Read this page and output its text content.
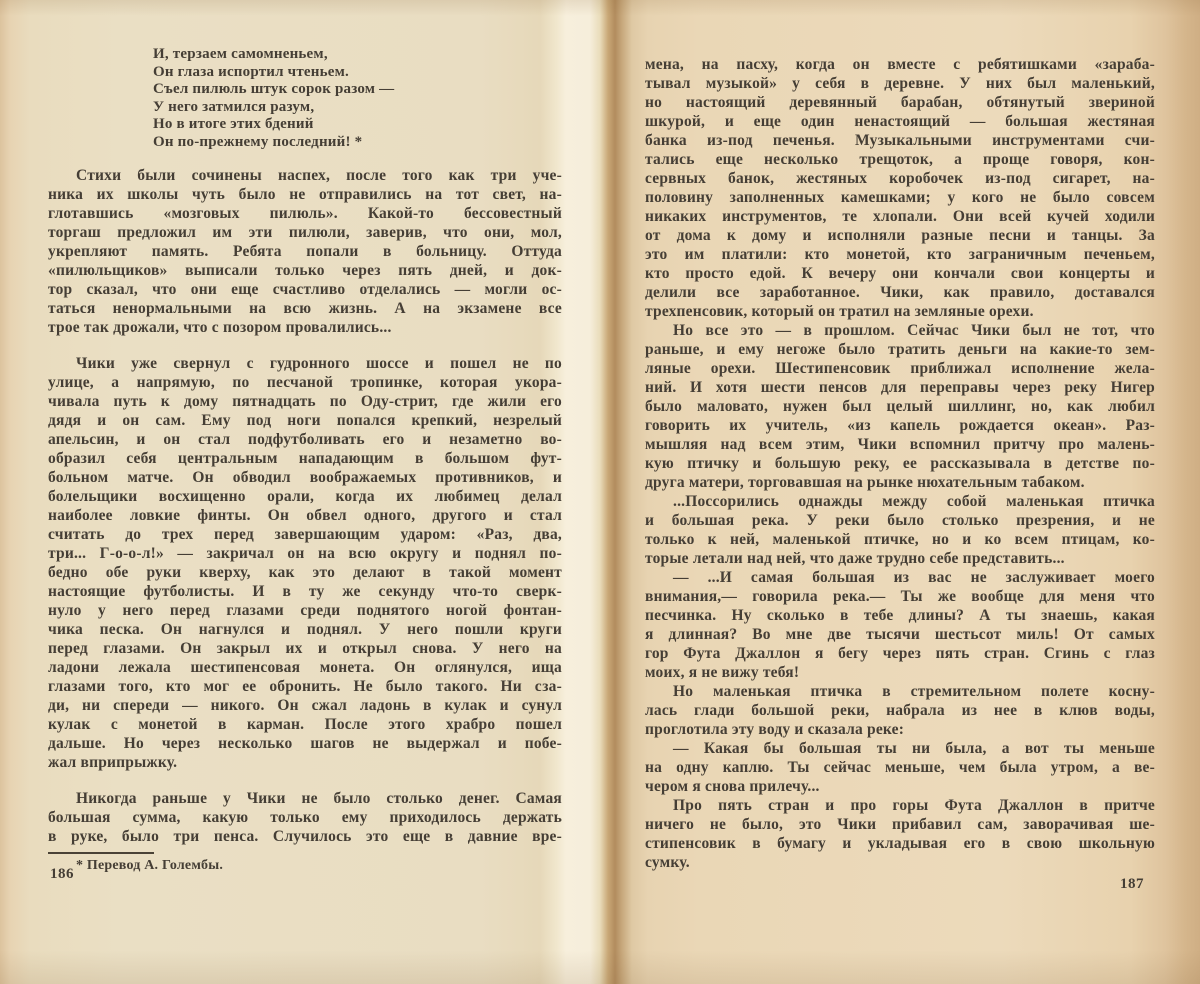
И, терзаем самомненьем,
Он глаза испортил чтеньем.
Съел пилюль штук сорок разом —
У него затмился разум,
Но в итоге этих бдений
Он по-прежнему последний! *
Стихи были сочинены наспех, после того как три уче-
ника их школы чуть было не отправились на тот свет, на-
глотавшись «мозговых пилюль». Какой-то бессовестный
торгаш предложил им эти пилюли, заверив, что они, мол,
укрепляют память. Ребята попали в больницу. Оттуда
«пилюльщиков» выписали только через пять дней, и док-
тор сказал, что они еще счастливо отделались — могли ос-
таться ненормальными на всю жизнь. А на экзамене все
трое так дрожали, что с позором провалились...
Чики уже свернул с гудронного шоссе и пошел не по
улице, а напрямую, по песчаной тропинке, которая укора-
чивала путь к дому пятнадцать по Оду-стрит, где жили его
дядя и он сам. Ему под ноги попался крепкий, незрелый
апельсин, и он стал подфутболивать его и незаметно во-
образил себя центральным нападающим в большом фут-
больном матче. Он обводил воображаемых противников, и
болельщики восхищенно орали, когда их любимец делал
наиболее ловкие финты. Он обвел одного, другого и стал
считать до трех перед завершающим ударом: «Раз, два,
три... Г-о-о-л!» — закричал он на всю округу и поднял по-
бедно обе руки кверху, как это делают в такой момент
настоящие футболисты. И в ту же секунду что-то сверк-
нуло у него перед глазами среди поднятого ногой фонтан-
чика песка. Он нагнулся и поднял. У него пошли круги
перед глазами. Он закрыл их и открыл снова. У него на
ладони лежала шестипенсовая монета. Он оглянулся, ища
глазами того, кто мог ее обронить. Не было такого. Ни сза-
ди, ни спереди — никого. Он сжал ладонь в кулак и сунул
кулак с монетой в карман. После этого храбро пошел
дальше. Но через несколько шагов не выдержал и побе-
жал вприпрыжку.
Никогда раньше у Чики не было столько денег. Самая
большая сумма, какую только ему приходилось держать
в руке, было три пенса. Случилось это еще в давние вре-
* Перевод А. Голембы.
мена, на пасху, когда он вместе с ребятишками «зараба-
тывал музыкой» у себя в деревне. У них был маленький,
но настоящий деревянный барабан, обтянутый звериной
шкурой, и еще один ненастоящий — большая жестяная
банка из-под печенья. Музыкальными инструментами счи-
тались еще несколько трещоток, а проще говоря, кон-
сервных банок, жестяных коробочек из-под сигарет, на-
половину заполненных камешками; у кого не было совсем
никаких инструментов, те хлопали. Они всей кучей ходили
от дома к дому и исполняли разные песни и танцы. За
это им платили: кто монетой, кто заграничным печеньем,
кто просто едой. К вечеру они кончали свои концерты и
делили все заработанное. Чики, как правило, доставался
трехпенсовик, который он тратил на земляные орехи.
Но все это — в прошлом. Сейчас Чики был не тот, что
раньше, и ему негоже было тратить деньги на какие-то зем-
ляные орехи. Шестипенсовик приближал исполнение жела-
ний. И хотя шести пенсов для переправы через реку Нигер
было маловато, нужен был целый шиллинг, но, как любил
говорить их учитель, «из капель рождается океан». Раз-
мышляя над всем этим, Чики вспомнил притчу про малень-
кую птичку и большую реку, ее рассказывала в детстве по-
друга матери, торговавшая на рынке нюхательным табаком.
...Поссорились однажды между собой маленькая птичка
и большая река. У реки было столько презрения, и не
только к ней, маленькой птичке, но и ко всем птицам, ко-
торые летали над ней, что даже трудно себе представить...
— ...И самая большая из вас не заслуживает моего
внимания,— говорила река.— Ты же вообще для меня что
песчинка. Ну сколько в тебе длины? А ты знаешь, какая
я длинная? Во мне две тысячи шестьсот миль! От самых
гор Фута Джаллон я бегу через пять стран. Сгинь с глаз
моих, я не вижу тебя!
Но маленькая птичка в стремительном полете косну-
лась глади большой реки, набрала из нее в клюв воды,
проглотила эту воду и сказала реке:
— Какая бы большая ты ни была, а вот ты меньше
на одну каплю. Ты сейчас меньше, чем была утром, а ве-
чером я снова прилечу...
Про пять стран и про горы Фута Джаллон в притче
ничего не было, это Чики прибавил сам, заворачивая ше-
стипенсовик в бумагу и укладывая его в свою школьную
сумку.
186
187
